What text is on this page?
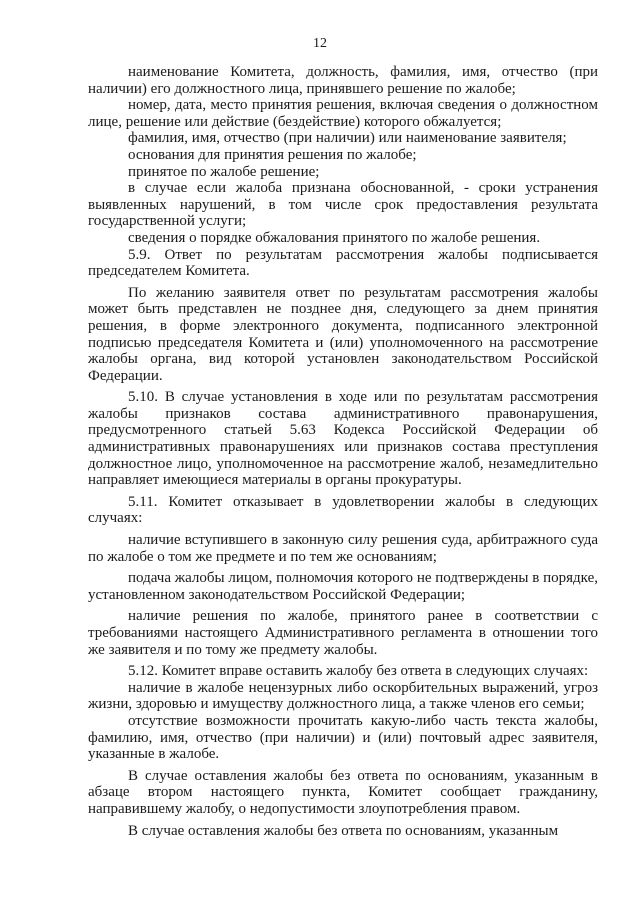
12

наименование Комитета, должность, фамилия, имя, отчество (при наличии) его должностного лица, принявшего решение по жалобе;

номер, дата, место принятия решения, включая сведения о должностном лице, решение или действие (бездействие) которого обжалуется;

фамилия, имя, отчество (при наличии) или наименование заявителя;

основания для принятия решения по жалобе;

принятое по жалобе решение;

в случае если жалоба признана обоснованной, - сроки устранения выявленных нарушений, в том числе срок предоставления результата государственной услуги;

сведения о порядке обжалования принятого по жалобе решения.

5.9. Ответ по результатам рассмотрения жалобы подписывается председателем Комитета.

По желанию заявителя ответ по результатам рассмотрения жалобы может быть представлен не позднее дня, следующего за днем принятия решения, в форме электронного документа, подписанного электронной подписью председателя Комитета и (или) уполномоченного на рассмотрение жалобы органа, вид которой установлен законодательством Российской Федерации.

5.10. В случае установления в ходе или по результатам рассмотрения жалобы признаков состава административного правонарушения, предусмотренного статьей 5.63 Кодекса Российской Федерации об административных правонарушениях или признаков состава преступления должностное лицо, уполномоченное на рассмотрение жалоб, незамедлительно направляет имеющиеся материалы в органы прокуратуры.

5.11. Комитет отказывает в удовлетворении жалобы в следующих случаях:

наличие вступившего в законную силу решения суда, арбитражного суда по жалобе о том же предмете и по тем же основаниям;

подача жалобы лицом, полномочия которого не подтверждены в порядке, установленном законодательством Российской Федерации;

наличие решения по жалобе, принятого ранее в соответствии с требованиями настоящего Административного регламента в отношении того же заявителя и по тому же предмету жалобы.

5.12. Комитет вправе оставить жалобу без ответа в следующих случаях:

наличие в жалобе нецензурных либо оскорбительных выражений, угроз жизни, здоровью и имуществу должностного лица, а также членов его семьи;

отсутствие возможности прочитать какую-либо часть текста жалобы, фамилию, имя, отчество (при наличии) и (или) почтовый адрес заявителя, указанные в жалобе.

В случае оставления жалобы без ответа по основаниям, указанным в абзаце втором настоящего пункта, Комитет сообщает гражданину, направившему жалобу, о недопустимости злоупотребления правом.

В случае оставления жалобы без ответа по основаниям, указанным
